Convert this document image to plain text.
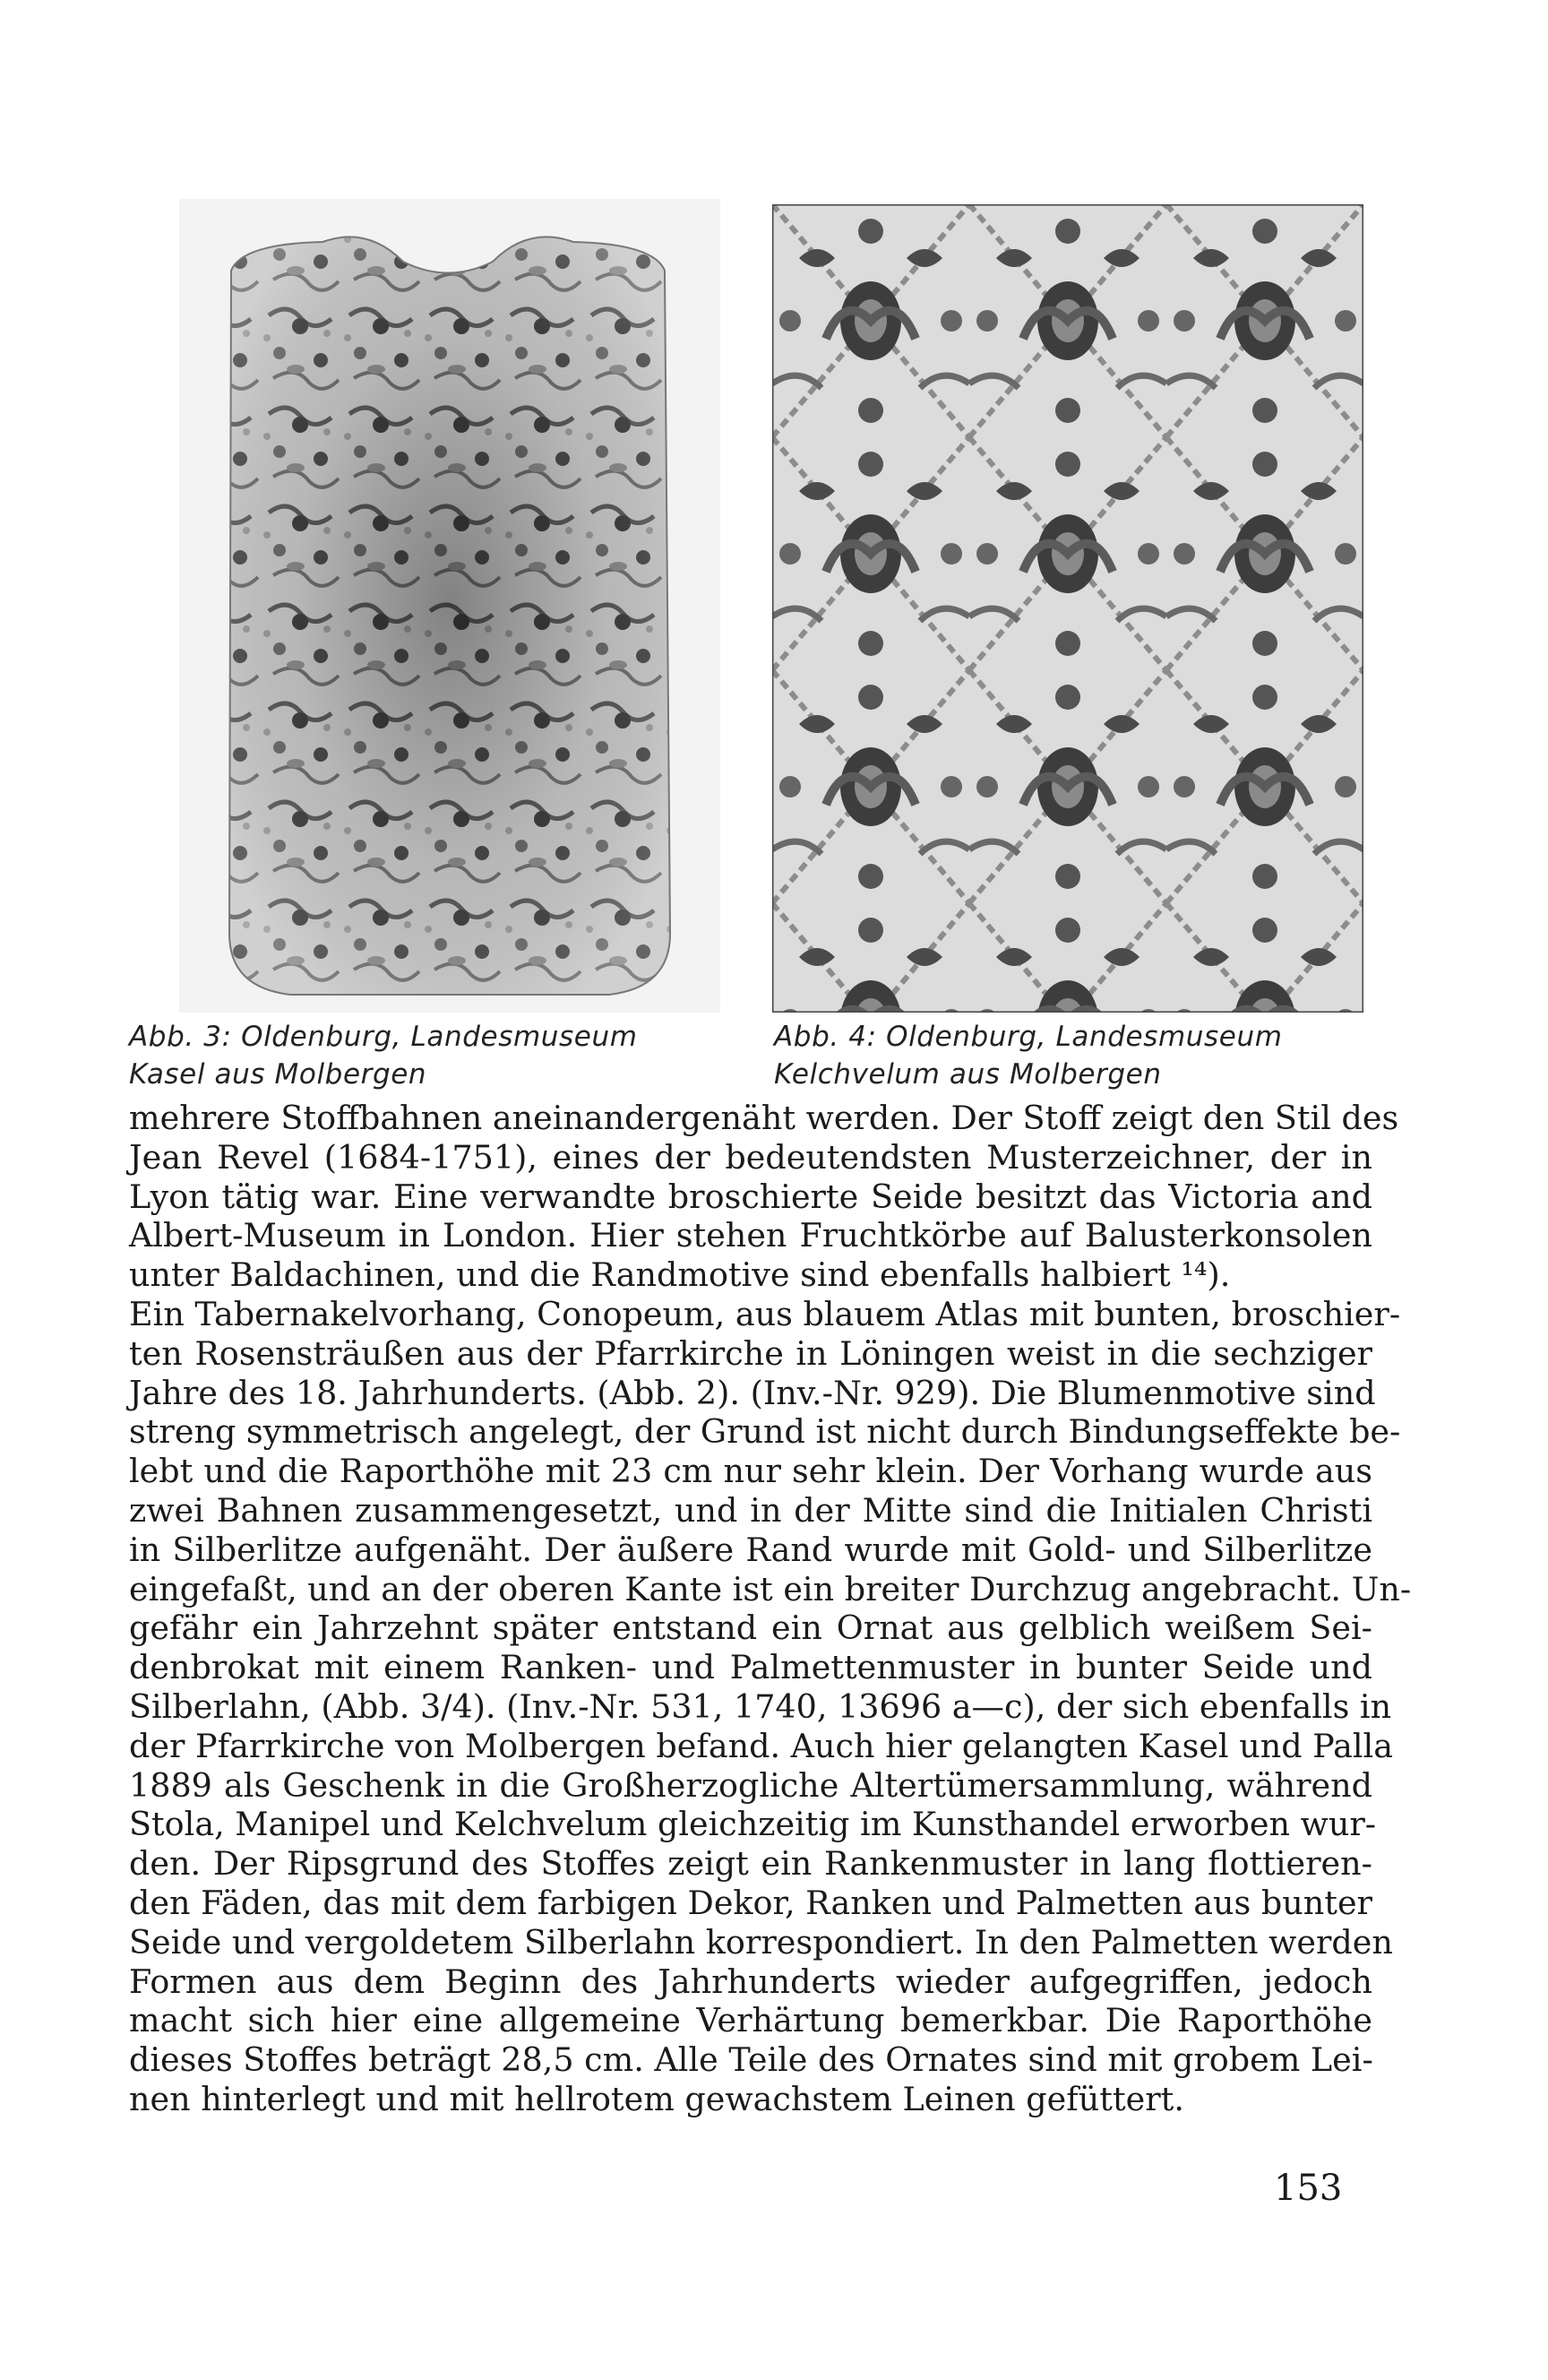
Abb. 3: Oldenburg, Landesmuseum
Kasel aus Molbergen
Abb. 4: Oldenburg, Landesmuseum
Kelchvelum aus Molbergen
mehrere Stoffbahnen aneinandergenäht werden. Der Stoff zeigt den Stil des
Jean Revel (1684-1751), eines der bedeutendsten Musterzeichner, der in
Lyon tätig war. Eine verwandte broschierte Seide besitzt das Victoria and
Albert-Museum in London. Hier stehen Fruchtkörbe auf Balusterkonsolen
unter Baldachinen, und die Randmotive sind ebenfalls halbiert ¹⁴).
Ein Tabernakelvorhang, Conopeum, aus blauem Atlas mit bunten, broschier-
ten Rosensträußen aus der Pfarrkirche in Löningen weist in die sechziger
Jahre des 18. Jahrhunderts. (Abb. 2). (Inv.-Nr. 929). Die Blumenmotive sind
streng symmetrisch angelegt, der Grund ist nicht durch Bindungseffekte be-
lebt und die Raporthöhe mit 23 cm nur sehr klein. Der Vorhang wurde aus
zwei Bahnen zusammengesetzt, und in der Mitte sind die Initialen Christi
in Silberlitze aufgenäht. Der äußere Rand wurde mit Gold- und Silberlitze
eingefaßt, und an der oberen Kante ist ein breiter Durchzug angebracht. Un-
gefähr ein Jahrzehnt später entstand ein Ornat aus gelblich weißem Sei-
denbrokat mit einem Ranken- und Palmettenmuster in bunter Seide und
Silberlahn, (Abb. 3/4). (Inv.-Nr. 531, 1740, 13696 a—c), der sich ebenfalls in
der Pfarrkirche von Molbergen befand. Auch hier gelangten Kasel und Palla
1889 als Geschenk in die Großherzogliche Altertümersammlung, während
Stola, Manipel und Kelchvelum gleichzeitig im Kunsthandel erworben wur-
den. Der Ripsgrund des Stoffes zeigt ein Rankenmuster in lang flottieren-
den Fäden, das mit dem farbigen Dekor, Ranken und Palmetten aus bunter
Seide und vergoldetem Silberlahn korrespondiert. In den Palmetten werden
Formen aus dem Beginn des Jahrhunderts wieder aufgegriffen, jedoch
macht sich hier eine allgemeine Verhärtung bemerkbar. Die Raporthöhe
dieses Stoffes beträgt 28,5 cm. Alle Teile des Ornates sind mit grobem Lei-
nen hinterlegt und mit hellrotem gewachstem Leinen gefüttert.
153
